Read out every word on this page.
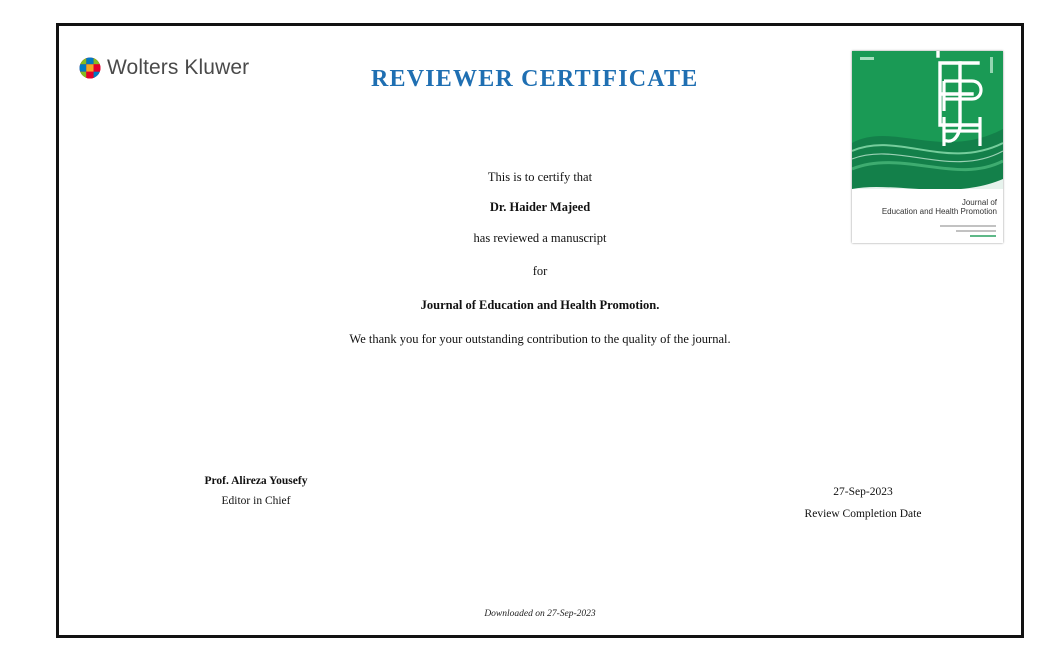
Wolters Kluwer	REVIEWER CERTIFICATE
Journal of
Education and Health Promotion

This is to certify that

Dr. Haider Majeed

has reviewed a manuscript

for

Journal of Education and Health Promotion.

We thank you for your outstanding contribution to the quality of the journal.

Prof. Alireza Yousefy
Editor in Chief
27-Sep-2023
Review Completion Date
Downloaded on 27-Sep-2023
